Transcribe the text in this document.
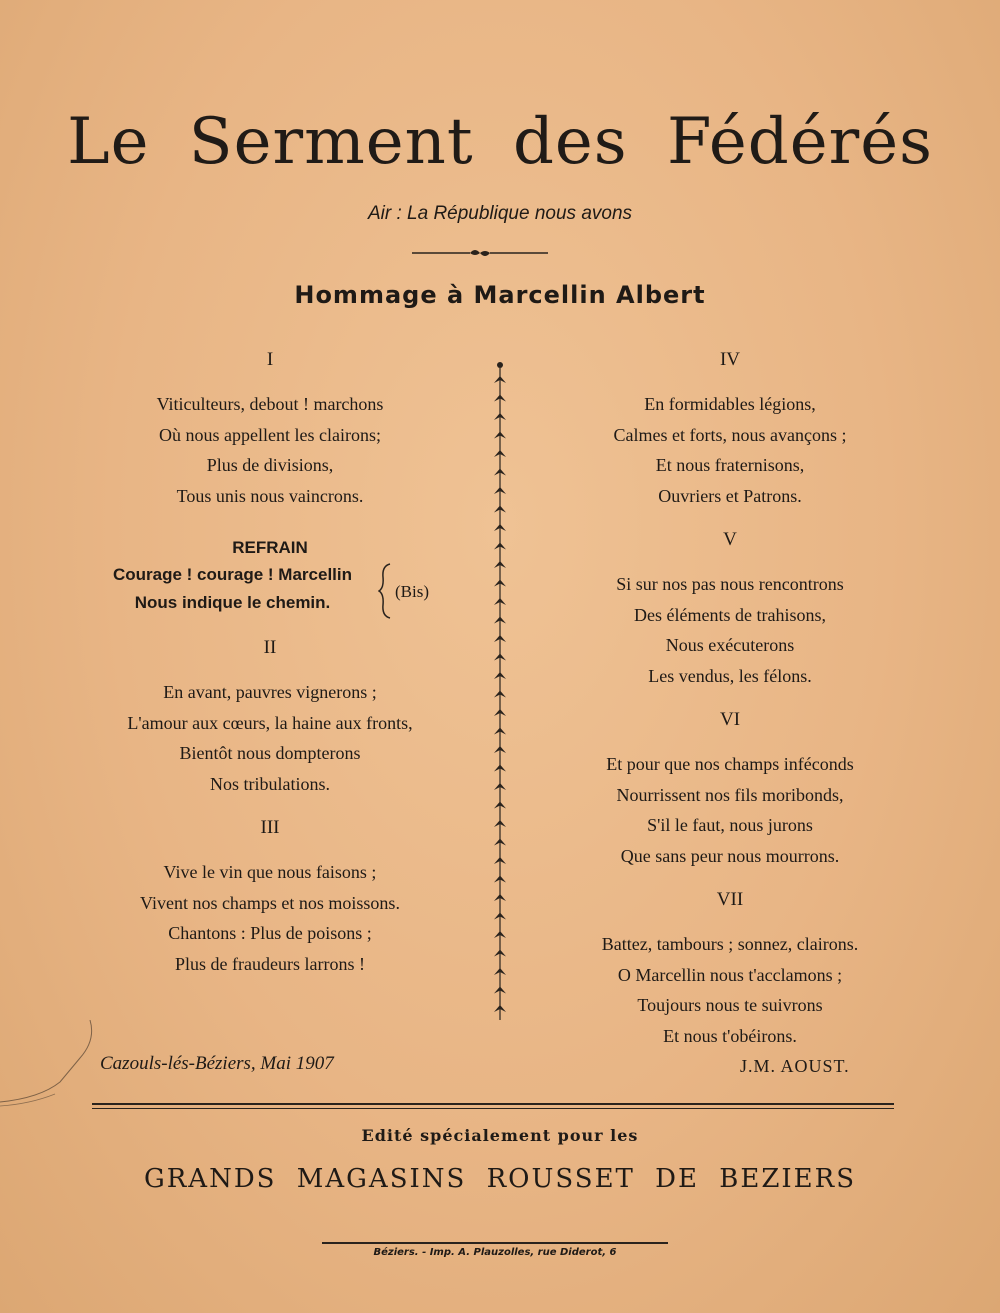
Le Serment des Fédérés
Air : La République nous avons
Hommage à Marcellin Albert
I
Viticulteurs, debout ! marchons
Où nous appellent les clairons;
Plus de divisions,
Tous unis nous vaincrons.
REFRAIN
Courage ! courage ! Marcellin
Nous indique le chemin.
(Bis)
II
En avant, pauvres vignerons ;
L'amour aux cœurs, la haine aux fronts,
Bientôt nous dompterons
Nos tribulations.
III
Vive le vin que nous faisons ;
Vivent nos champs et nos moissons.
Chantons : Plus de poisons ;
Plus de fraudeurs larrons !
IV
En formidables légions,
Calmes et forts, nous avançons ;
Et nous fraternisons,
Ouvriers et Patrons.
V
Si sur nos pas nous rencontrons
Des éléments de trahisons,
Nous exécuterons
Les vendus, les félons.
VI
Et pour que nos champs inféconds
Nourrissent nos fils moribonds,
S'il le faut, nous jurons
Que sans peur nous mourrons.
VII
Battez, tambours ; sonnez, clairons.
O Marcellin nous t'acclamons ;
Toujours nous te suivrons
Et nous t'obéirons.
Cazouls-lés-Béziers, Mai 1907	J.M. AOUST.
Edité spécialement pour les
GRANDS MAGASINS ROUSSET DE BEZIERS
Béziers. - Imp. A. Plauzolles, rue Diderot, 6
